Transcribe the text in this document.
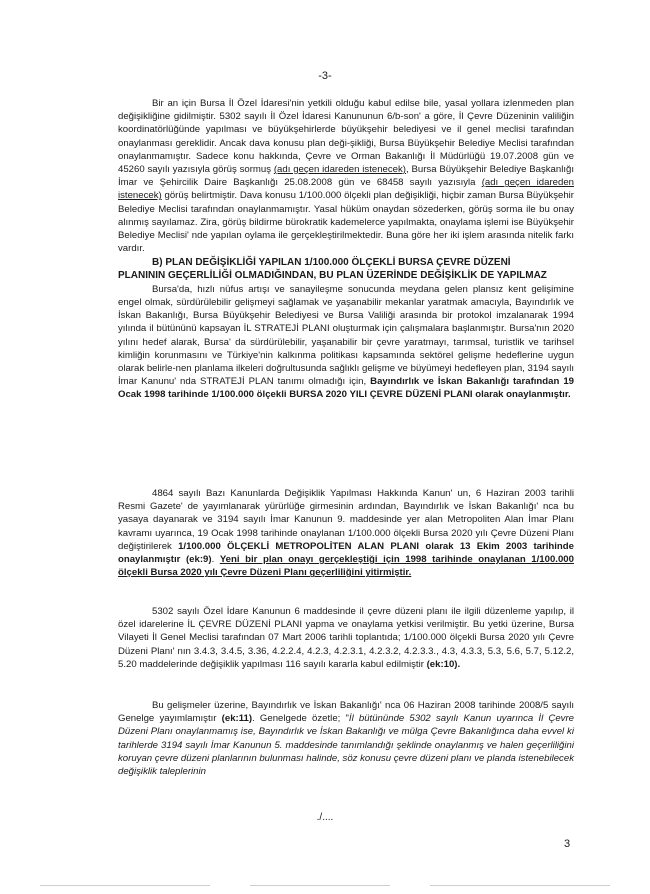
-3-

Bir an için Bursa İl Özel İdaresi'nin yetkili olduğu kabul edilse bile, yasal yollara izlenmeden plan değişikliğine gidilmiştir. 5302 sayılı İl Özel İdaresi Kanununun 6/b-son' a göre, İl Çevre Düzeninin valiliğin koordinatörlüğünde yapılması ve büyükşehirlerde büyükşehir belediyesi ve il genel meclisi tarafından onaylanması gereklidir. Ancak dava konusu plan deği-şikliği, Bursa Büyükşehir Belediye Meclisi tarafından onaylanmamıştır. Sadece konu hakkında, Çevre ve Orman Bakanlığı İl Müdürlüğü 19.07.2008 gün ve 45260 sayılı yazısıyla görüş sormuş (adı geçen idareden istenecek), Bursa Büyükşehir Belediye Başkanlığı İmar ve Şehircilik Daire Başkanlığı 25.08.2008 gün ve 68458 sayılı yazısıyla (adı geçen idareden istenecek) görüş belirtmiştir. Dava konusu 1/100.000 ölçekli plan değişikliği, hiçbir zaman Bursa Büyükşehir Belediye Meclisi tarafından onaylanmamıştır. Yasal hüküm onaydan sözederken, görüş sorma ile bu onay alınmış sayılamaz. Zira, görüş bildirme bürokratik kademelerce yapılmakta, onaylama işlemi ise Büyükşehir Belediye Meclisi' nde yapılan oylama ile gerçekleştirilmektedir. Buna göre her iki işlem arasında nitelik farkı vardır.

B) PLAN DEĞİŞİKLİĞİ YAPILAN 1/100.000 ÖLÇEKLİ BURSA ÇEVRE DÜZENİ
PLANININ GEÇERLİLİĞİ OLMADIĞINDAN, BU PLAN ÜZERİNDE DEĞİŞİKLİK DE YAPILMAZ

Bursa'da, hızlı nüfus artışı ve sanayileşme sonucunda meydana gelen plansız kent gelişimine engel olmak, sürdürülebilir gelişmeyi sağlamak ve yaşanabilir mekanlar yaratmak amacıyla, Bayındırlık ve İskan Bakanlığı, Bursa Büyükşehir Belediyesi ve Bursa Valiliği arasında bir protokol imzalanarak 1994 yılında il bütününü kapsayan İL STRATEJİ PLANI oluşturmak için çalışmalara başlanmıştır. Bursa'nın 2020 yılını hedef alarak, Bursa' da sürdürülebilir, yaşanabilir bir çevre yaratmayı, tarımsal, turistlik ve tarihsel kimliğin korunmasını ve Türkiye'nin kalkınma politikası kapsamında sektörel gelişme hedeflerine uygun olarak belirle-nen planlama ilkeleri doğrultusunda sağlıklı gelişme ve büyümeyi hedefleyen plan, 3194 sayılı İmar Kanunu' nda STRATEJİ PLAN tanımı olmadığı için, Bayındırlık ve İskan Bakanlığı tarafından 19 Ocak 1998 tarihinde 1/100.000 ölçekli BURSA 2020 YILI ÇEVRE DÜZENİ PLANI olarak onaylanmıştır.

4864 sayılı Bazı Kanunlarda Değişiklik Yapılması Hakkında Kanun' un, 6 Haziran 2003 tarihli Resmi Gazete' de yayımlanarak yürürlüğe girmesinin ardından, Bayındırlık ve İskan Bakanlığı' nca bu yasaya dayanarak ve 3194 sayılı İmar Kanunun 9. maddesinde yer alan Metropoliten Alan İmar Planı kavramı uyarınca, 19 Ocak 1998 tarihinde onaylanan 1/100.000 ölçekli Bursa 2020 yılı Çevre Düzeni Planı değiştirilerek 1/100.000 ÖLÇEKLİ METROPOLİTEN ALAN PLANI olarak 13 Ekim 2003 tarihinde onaylanmıştır (ek:9). Yeni bir plan onayı gerçekleştiği için 1998 tarihinde onaylanan 1/100.000 ölçekli Bursa 2020 yılı Çevre Düzeni Planı geçerliliğini yitirmiştir.

5302 sayılı Özel İdare Kanunun 6 maddesinde il çevre düzeni planı ile ilgili düzenleme yapılıp, il özel idarelerine İL ÇEVRE DÜZENİ PLANI yapma ve onaylama yetkisi verilmiştir. Bu yetki üzerine, Bursa Vilayeti İl Genel Meclisi tarafından 07 Mart 2006 tarihli toplantıda; 1/100.000 ölçekli Bursa 2020 yılı Çevre Düzeni Planı' nın 3.4.3, 3.4.5, 3.36, 4.2.2.4, 4.2.3, 4.2.3.1, 4.2.3.2, 4.2.3.3., 4.3, 4.3.3, 5.3, 5.6, 5.7, 5.12.2, 5.20 maddelerinde değişiklik yapılması 116 sayılı kararla kabul edilmiştir (ek:10).

Bu gelişmeler üzerine, Bayındırlık ve İskan Bakanlığı' nca 06 Haziran 2008 tarihinde 2008/5 sayılı Genelge yayımlamıştır (ek:11). Genelgede özetle; "İl bütününde 5302 sayılı Kanun uyarınca İl Çevre Düzeni Planı onaylanmamış ise, Bayındırlık ve İskan Bakanlığı ve mülga Çevre Bakanlığınca daha evvel ki tarihlerde 3194 sayılı İmar Kanunun 5. maddesinde tanımlandığı şeklinde onaylanmış ve halen geçerliliğini koruyan çevre düzeni planlarının bulunması halinde, söz konusu çevre düzeni planı ve planda istenebilecek değişiklik taleplerinin

./....
3
